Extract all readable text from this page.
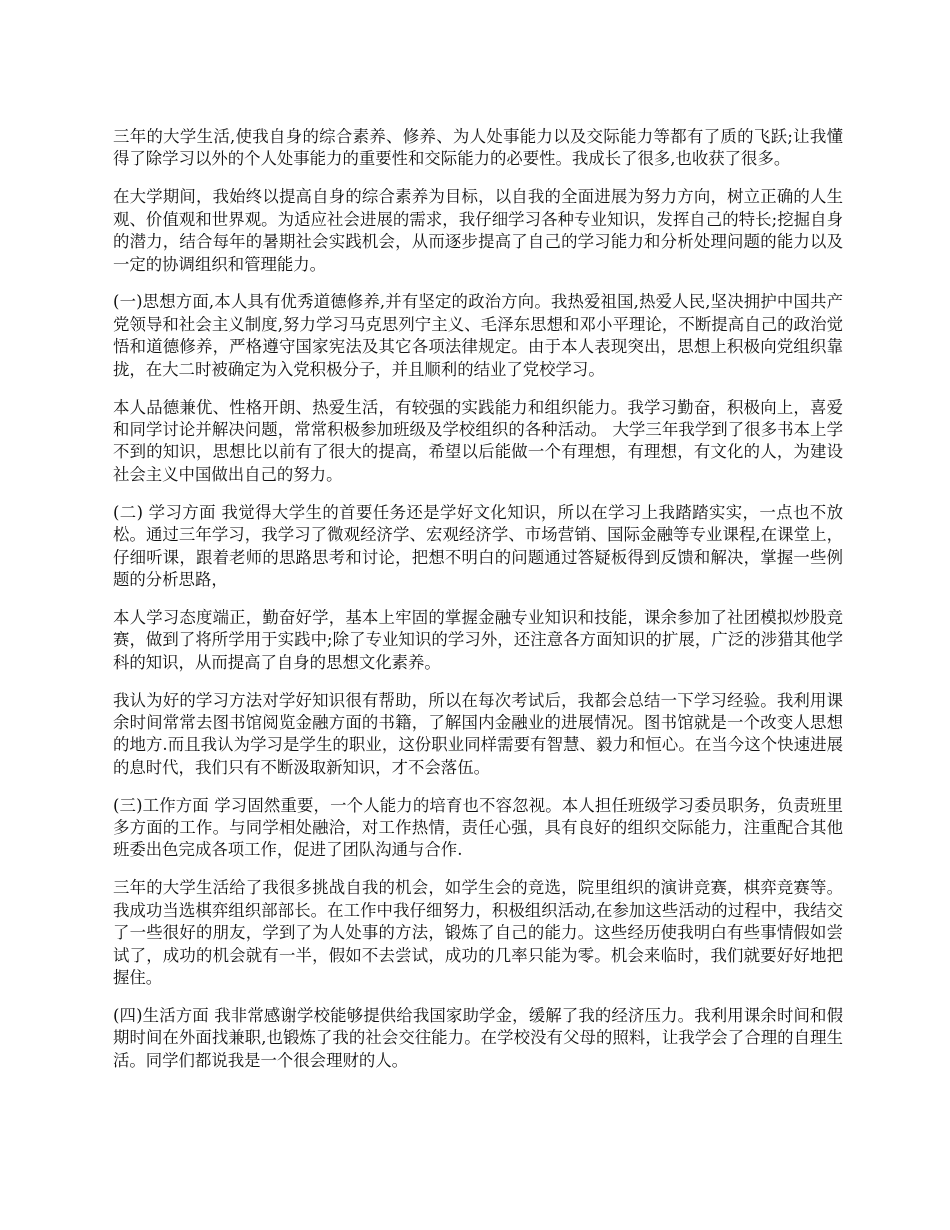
三年的大学生活,使我自身的综合素养、修养、为人处事能力以及交际能力等都有了质的飞跃;让我懂得了除学习以外的个人处事能力的重要性和交际能力的必要性。我成长了很多,也收获了很多。

在大学期间，我始终以提高自身的综合素养为目标，以自我的全面进展为努力方向，树立正确的人生观、价值观和世界观。为适应社会进展的需求，我仔细学习各种专业知识，发挥自己的特长;挖掘自身的潜力，结合每年的暑期社会实践机会，从而逐步提高了自己的学习能力和分析处理问题的能力以及一定的协调组织和管理能力。

(一)思想方面,本人具有优秀道德修养,并有坚定的政治方向。我热爱祖国,热爱人民,坚决拥护中国共产党领导和社会主义制度,努力学习马克思列宁主义、毛泽东思想和邓小平理论，不断提高自己的政治觉悟和道德修养，严格遵守国家宪法及其它各项法律规定。由于本人表现突出，思想上积极向党组织靠拢，在大二时被确定为入党积极分子，并且顺利的结业了党校学习。

本人品德兼优、性格开朗、热爱生活，有较强的实践能力和组织能力。我学习勤奋，积极向上，喜爱和同学讨论并解决问题，常常积极参加班级及学校组织的各种活动。 大学三年我学到了很多书本上学不到的知识，思想比以前有了很大的提高，希望以后能做一个有理想，有理想，有文化的人，为建设社会主义中国做出自己的努力。

(二) 学习方面 我觉得大学生的首要任务还是学好文化知识，所以在学习上我踏踏实实，一点也不放松。通过三年学习，我学习了微观经济学、宏观经济学、市场营销、国际金融等专业课程,在课堂上，仔细听课，跟着老师的思路思考和讨论，把想不明白的问题通过答疑板得到反馈和解决，掌握一些例题的分析思路，

本人学习态度端正，勤奋好学，基本上牢固的掌握金融专业知识和技能，课余参加了社团模拟炒股竞赛，做到了将所学用于实践中;除了专业知识的学习外，还注意各方面知识的扩展，广泛的涉猎其他学科的知识，从而提高了自身的思想文化素养。

我认为好的学习方法对学好知识很有帮助，所以在每次考试后，我都会总结一下学习经验。我利用课余时间常常去图书馆阅览金融方面的书籍，了解国内金融业的进展情况。图书馆就是一个改变人思想的地方.而且我认为学习是学生的职业，这份职业同样需要有智慧、毅力和恒心。在当今这个快速进展的息时代，我们只有不断汲取新知识，才不会落伍。

(三)工作方面 学习固然重要，一个人能力的培育也不容忽视。本人担任班级学习委员职务，负责班里多方面的工作。与同学相处融洽，对工作热情，责任心强，具有良好的组织交际能力，注重配合其他班委出色完成各项工作，促进了团队沟通与合作.

三年的大学生活给了我很多挑战自我的机会，如学生会的竞选，院里组织的演讲竞赛，棋弈竞赛等。我成功当选棋弈组织部部长。在工作中我仔细努力，积极组织活动,在参加这些活动的过程中，我结交了一些很好的朋友，学到了为人处事的方法，锻炼了自己的能力。这些经历使我明白有些事情假如尝试了，成功的机会就有一半，假如不去尝试，成功的几率只能为零。机会来临时，我们就要好好地把握住。

(四)生活方面 我非常感谢学校能够提供给我国家助学金，缓解了我的经济压力。我利用课余时间和假期时间在外面找兼职,也锻炼了我的社会交往能力。在学校没有父母的照料，让我学会了合理的自理生活。同学们都说我是一个很会理财的人。
